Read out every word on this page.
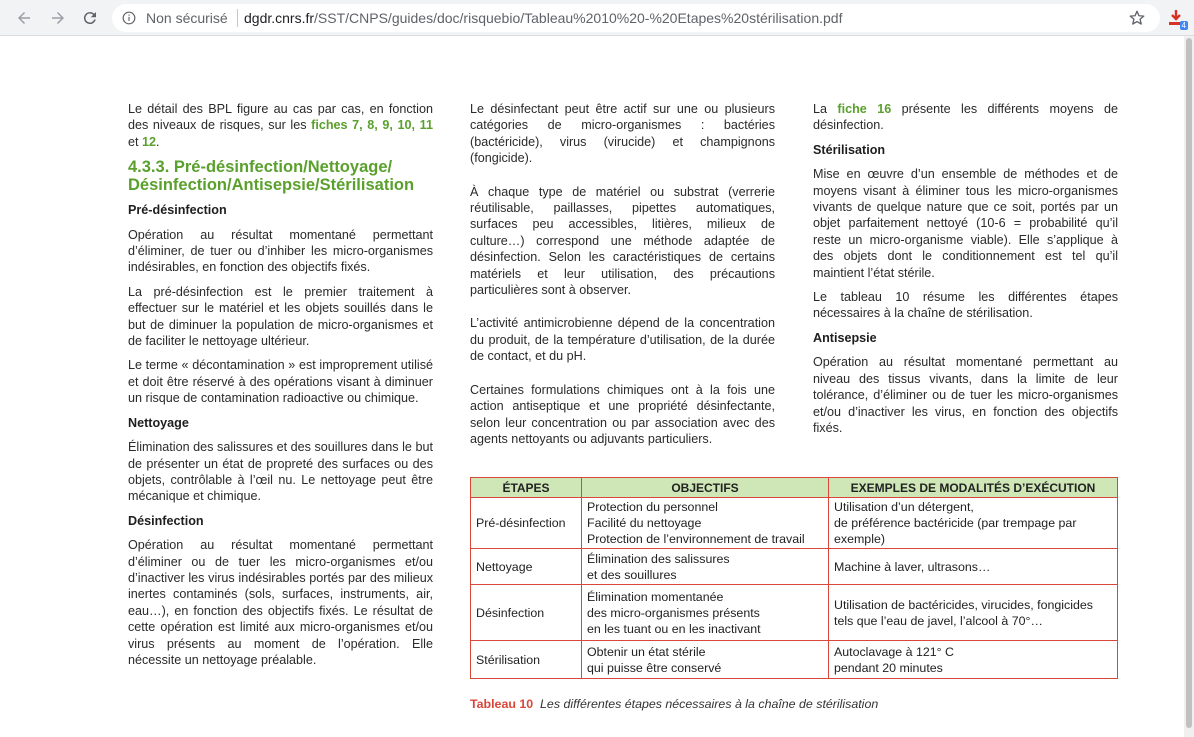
Non sécurisé dgdr.cnrs.fr/SST/CNPS/guides/doc/risquebio/Tableau%2010%20-%20Etapes%20stérilisation.pdf	4

Le détail des BPL figure au cas par cas, en fonction des niveaux de risques, sur les fiches 7, 8, 9, 10, 11 et 12.

4.3.3. Pré-désinfection/Nettoyage/
Désinfection/Antisepsie/Stérilisation
Pré-désinfection

Opération au résultat momentané permettant d’éliminer, de tuer ou d’inhiber les micro-organismes indésirables, en fonction des objectifs fixés.

La pré-désinfection est le premier traitement à effectuer sur le matériel et les objets souillés dans le but de diminuer la population de micro-organismes et de faciliter le nettoyage ultérieur.

Le terme « décontamination » est improprement utilisé et doit être réservé à des opérations visant à diminuer un risque de contamination radioactive ou chimique.

Nettoyage

Élimination des salissures et des souillures dans le but de présenter un état de propreté des surfaces ou des objets, contrôlable à l’œil nu. Le nettoyage peut être mécanique et chimique.

Désinfection

Opération au résultat momentané permettant d’éliminer ou de tuer les micro-organismes et/ou d’inactiver les virus indésirables portés par des milieux inertes contaminés (sols, surfaces, instruments, air, eau…), en fonction des objectifs fixés. Le résultat de cette opération est limité aux micro-organismes et/ou virus présents au moment de l’opération. Elle nécessite un nettoyage préalable.

Le désinfectant peut être actif sur une ou plusieurs catégories de micro-organismes : bactéries (bactéricide), virus (virucide) et champignons (fongicide).

À chaque type de matériel ou substrat (verrerie réutilisable, paillasses, pipettes automatiques, surfaces peu accessibles, litières, milieux de culture…) correspond une méthode adaptée de désinfection. Selon les caractéristiques de certains matériels et leur utilisation, des précautions particulières sont à observer.

L’activité antimicrobienne dépend de la concentration du produit, de la température d’utilisation, de la durée de contact, et du pH.

Certaines formulations chimiques ont à la fois une action antiseptique et une propriété désinfectante, selon leur concentration ou par association avec des agents nettoyants ou adjuvants particuliers.

La fiche 16 présente les différents moyens de désinfection.

Stérilisation

Mise en œuvre d’un ensemble de méthodes et de moyens visant à éliminer tous les micro-organismes vivants de quelque nature que ce soit, portés par un objet parfaitement nettoyé (10-6 = probabilité qu’il reste un micro-organisme viable). Elle s’applique à des objets dont le conditionnement est tel qu’il maintient l’état stérile.

Le tableau 10 résume les différentes étapes nécessaires à la chaîne de stérilisation.

Antisepsie

Opération au résultat momentané permettant au niveau des tissus vivants, dans la limite de leur tolérance, d’éliminer ou de tuer les micro-organismes et/ou d’inactiver les virus, en fonction des objectifs fixés.

ÉTAPES	OBJECTIFS	EXEMPLES DE MODALITÉS D’EXÉCUTION
Pré-désinfection	Protection du personnel
Facilité du nettoyage
Protection de l’environnement de travail	Utilisation d’un détergent,
de préférence bactéricide (par trempage par
exemple)

Nettoyage	Élimination des salissures
et des souillures	Machine à laver, ultrasons…

Désinfection	Élimination momentanée
des micro-organismes présents
en les tuant ou en les inactivant	Utilisation de bactéricides, virucides, fongicides
tels que l’eau de javel, l’alcool à 70°…

Stérilisation	Obtenir un état stérile
qui puisse être conservé	Autoclavage à 121° C
pendant 20 minutes
Tableau 10 Les différentes étapes nécessaires à la chaîne de stérilisation
